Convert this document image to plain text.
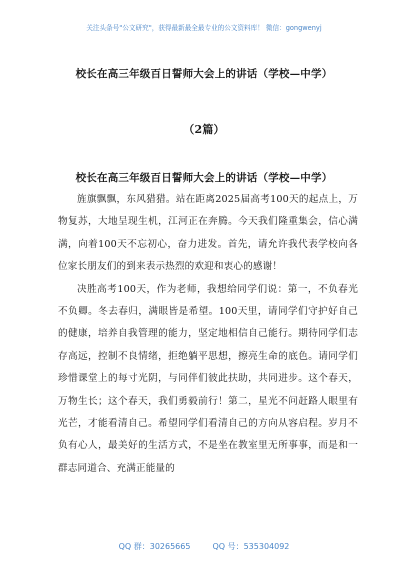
关注头条号"公文研究"，获得最新最全最专业的公文资料库！ 微信：gongwenyj
校长在高三年级百日誓师大会上的讲话（学校—中学）
（2篇）
校长在高三年级百日誓师大会上的讲话（学校—中学）

旌旗飘飘，东风猎猎。站在距离2025届高考100天的起点上，万物复苏，大地呈现生机，江河正在奔腾。今天我们隆重集会，信心满满，向着100天不忘初心，奋力进发。首先，请允许我代表学校向各位家长朋友们的到来表示热烈的欢迎和衷心的感谢！

决胜高考100天，作为老师，我想给同学们说：第一，不负春光不负卿。冬去春归，满眼皆是希望。100天里，请同学们守护好自己的健康，培养自我管理的能力，坚定地相信自己能行。期待同学们志存高远，控制不良情绪，拒绝躺平思想，擦亮生命的底色。请同学们珍惜课堂上的每寸光阴，与同伴们彼此扶助，共同进步。这个春天，万物生长；这个春天，我们勇毅前行！第二，星光不问赶路人眼里有光芒，才能看清自己。希望同学们看清自己的方向从容启程。岁月不负有心人，最美好的生活方式，不是坐在教室里无所事事，而是和一群志同道合、充满正能量的

QQ 群：30265665	QQ 号：535304092
